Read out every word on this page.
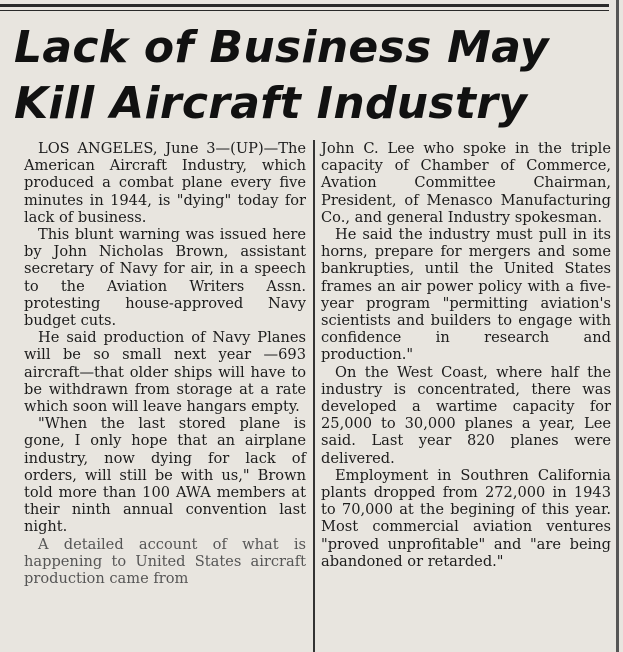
Lack of Business May
Kill Aircraft Industry

LOS ANGELES, June 3—(UP)—The American Aircraft Industry, which produced a combat plane every five minutes in 1944, is "dying" today for lack of business.

This blunt warning was issued here by John Nicholas Brown, assistant secretary of Navy for air, in a speech to the Aviation Writers Assn. protesting house-approved Navy budget cuts.

He said production of Navy Planes will be so small next year —693 aircraft—that older ships will have to be withdrawn from storage at a rate which soon will leave hangars empty.

"When the last stored plane is gone, I only hope that an airplane industry, now dying for lack of orders, will still be with us," Brown told more than 100 AWA members at their ninth annual convention last night.

A detailed account of what is happening to United States aircraft production came from

John C. Lee who spoke in the triple capacity of Chamber of Commerce, Avation Committee Chairman, President, of Menasco Manufacturing Co., and general Industry spokesman.

He said the industry must pull in its horns, prepare for mergers and some bankrupties, until the United States frames an air power policy with a five-year program "permitting aviation's scientists and builders to engage with confidence in research and production."

On the West Coast, where half the industry is concentrated, there was developed a wartime capacity for 25,000 to 30,000 planes a year, Lee said. Last year 820 planes were delivered.

Employment in Southren California plants dropped from 272,000 in 1943 to 70,000 at the begining of this year. Most commercial aviation ventures "proved unprofitable" and "are being abandoned or retarded."
